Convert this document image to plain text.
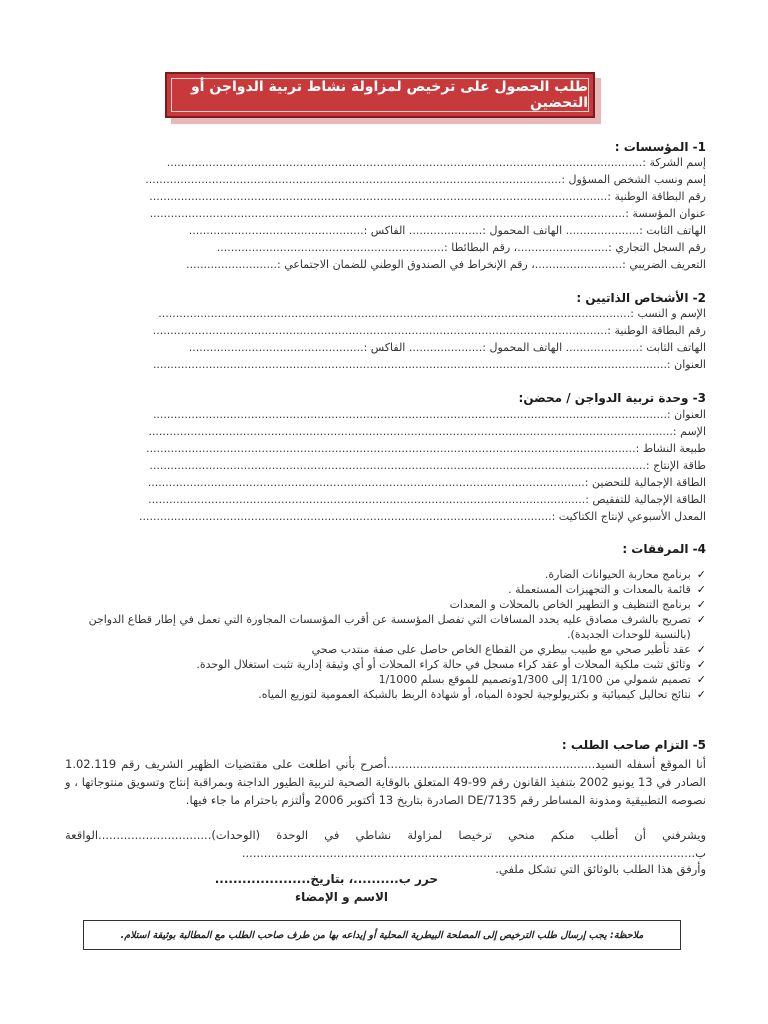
طلب الحصول على ترخيص لمزاولة نشاط تربية الدواجن أو التحضين
1- المؤسسات :
إسم الشركة :........................................................................................................................................
إسم ونسب الشخص المسؤول :.......................................................................................................................
رقم البطاقة الوطنية :...................................................................................................................................
عنوان المؤسسة :........................................................................................................................................
الهاتف الثابت :..................... الهاتف المحمول :..................... الفاكس :..................................................
رقم السجل التجاري :..........................، رقم البطائطا :.................................................................
التعريف الضريبي :.........................، رقم الإنخراط في الصندوق الوطني للضمان الاجتماعي :..........................
2- الأشخاص الذاتيين :
الإسم و النسب :.......................................................................................................................................
رقم البطاقة الوطنية :..................................................................................................................................
الهاتف الثابت :..................... الهاتف المحمول :..................... الفاكس :..................................................
العنوان :...................................................................................................................................................
3- وحدة تربية الدواجن / محضن:
العنوان :...................................................................................................................................................
الإسم :......................................................................................................................................................
طبيعة النشاط :............................................................................................................................................
طاقة الإنتاج :..............................................................................................................................................
الطاقة الإجمالية للتحضين :.............................................................................................................................
الطاقة الإجمالية للتفقيص :.............................................................................................................................
المعدل الأسبوعي لإنتاج الكتاكيت :......................................................................................................................
4- المرفقات :
✓
برنامج محاربة الحيوانات الضارة.
✓
قائمة بالمعدات و التجهيزات المستعملة .
✓
برنامج التنظيف و التطهير الخاص بالمحلات و المعدات
✓
تصريح بالشرف مصادق عليه يحدد المسافات التي تفصل المؤسسة عن أقرب المؤسسات المجاورة التي تعمل في إطار قطاع الدواجن (بالنسبة للوحدات الجديدة).
✓
عقد تأطير صحي مع طبيب بيطري من القطاع الخاص حاصل على صفة منتدب صحي
✓
وثائق تثبت ملكية المحلات أو عقد كراء مسجل في حالة كراء المحلات أو أي وثيقة إدارية تثبت استغلال الوحدة.
✓
تصميم شمولي من 1/100 إلى 1/300وتصميم للموقع بسلم 1/1000
✓
نتائج تحاليل كيميائية و بكتريولوجية لجودة المياه، أو شهادة الربط بالشبكة العمومية لتوزيع المياه.
5- التزام صاحب الطلب :
أنا الموقع أسفله السيد.........................................................أصرح بأني اطلعت على مقتضيات الظهير الشريف رقم 1.02.119 الصادر في 13 يونيو 2002 بتنفيذ القانون رقم 99-49 المتعلق بالوقاية الصحية لتربية الطيور الداجنة وبمراقبة إنتاج وتسويق منتوجاتها ، و نصوصه التطبيقية ومدونة المساطر رقم 7135/DE الصادرة بتاريخ 13 أكتوبر 2006 وألتزم باحترام ما جاء فيها.
ويشرفني أن أطلب منكم منحي ترخيصا لمزاولة نشاطي في الوحدة (الوحدات)...............................الواقعة ب............................................................................................................................
وأرفق هذا الطلب بالوثائق التي تشكل ملفي.
حرر ب..........، بتاريخ.....................
الاسم و الإمضاء
ملاحظة: يجب إرسال طلب الترخيص إلى المصلحة البيطرية المحلية أو إيداعه بها من طرف صاحب الطلب مع المطالبة بوثيقة استلام.
